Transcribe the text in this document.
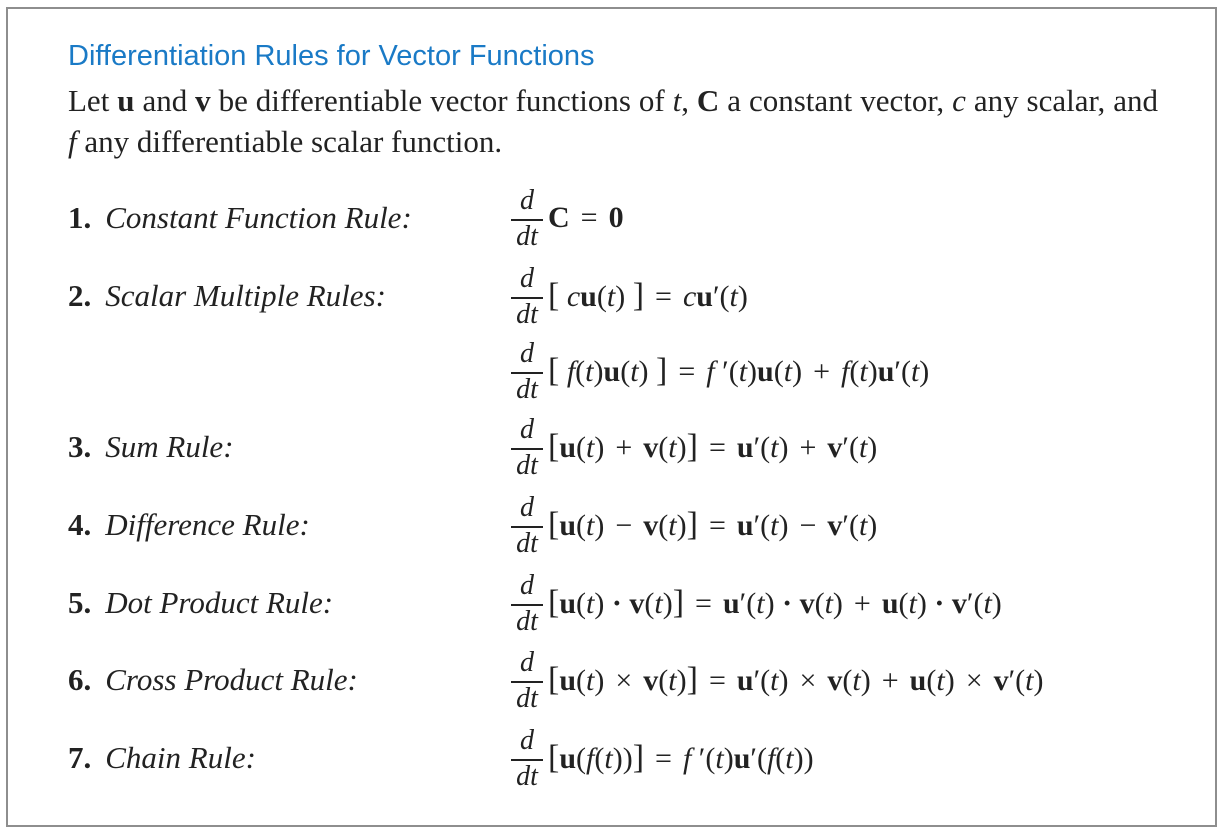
Differentiation Rules for Vector Functions

Let u and v be differentiable vector functions of t, C a constant vector, c any scalar, and f any differentiable scalar function.

1. Constant Function Rule:
2. Scalar Multiple Rules:
3. Sum Rule:
4. Difference Rule:
5. Dot Product Rule:
6. Cross Product Rule:
7. Chain Rule:
d
dt
C = 0
d
dt
[ cu(t) ] = cu′(t)
d
dt
[ f(t)u(t) ] = f ′(t)u(t) + f(t)u′(t)
d
dt
[u(t) + v(t)] = u′(t) + v′(t)
d
dt
[u(t) − v(t)] = u′(t) − v′(t)
d
dt
[u(t) · v(t)] = u′(t) · v(t) + u(t) · v′(t)
d
dt
[u(t) × v(t)] = u′(t) × v(t) + u(t) × v′(t)
d
dt
[u(f(t))] = f ′(t)u′(f(t))
